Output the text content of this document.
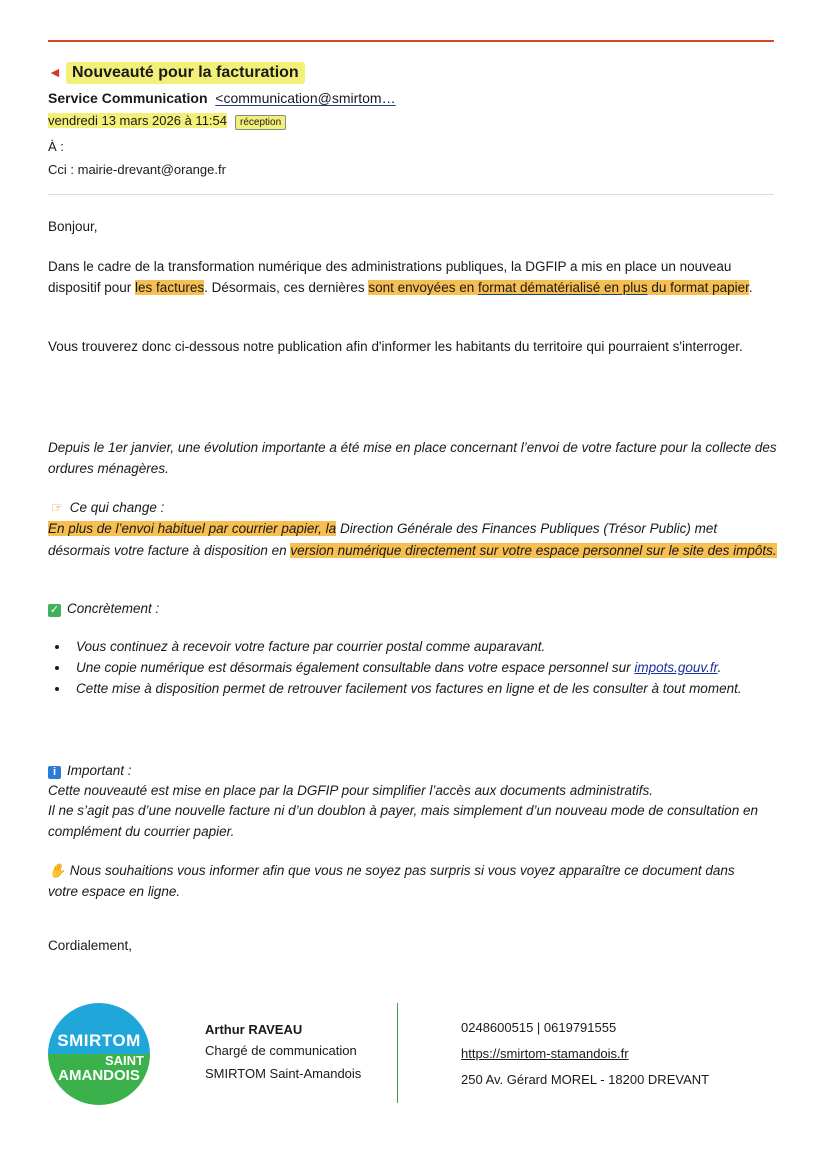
◄ Nouveauté pour la facturation
Service Communication <communication@smirtom…
vendredi 13 mars 2026 à 11:54 réception
À :
Cci : mairie-drevant@orange.fr
Bonjour,
Dans le cadre de la transformation numérique des administrations publiques, la DGFIP a mis en place un nouveau dispositif pour les factures. Désormais, ces dernières sont envoyées en format dématérialisé en plus du format papier.
Vous trouverez donc ci-dessous notre publication afin d'informer les habitants du territoire qui pourraient s'interroger.
Depuis le 1er janvier, une évolution importante a été mise en place concernant l’envoi de votre facture pour la collecte des ordures ménagères.
☞ Ce qui change :
En plus de l’envoi habituel par courrier papier, la Direction Générale des Finances Publiques (Trésor Public) met désormais votre facture à disposition en version numérique directement sur votre espace personnel sur le site des impôts.
✓ Concrètement :
• Vous continuez à recevoir votre facture par courrier postal comme auparavant.
• Une copie numérique est désormais également consultable dans votre espace personnel sur impots.gouv.fr.
• Cette mise à disposition permet de retrouver facilement vos factures en ligne et de les consulter à tout moment.
i Important :
Cette nouveauté est mise en place par la DGFIP pour simplifier l’accès aux documents administratifs.
Il ne s’agit pas d’une nouvelle facture ni d’un doublon à payer, mais simplement d’un nouveau mode de consultation en complément du courrier papier.
✋ Nous souhaitions vous informer afin que vous ne soyez pas surpris si vous voyez apparaître ce document dans votre espace en ligne.
Cordialement,
SMIRTOM
SAINT
AMANDOIS
Arthur RAVEAU
Chargé de communication
SMIRTOM Saint-Amandois
0248600515 | 0619791555
https://smirtom-stamandois.fr
250 Av. Gérard MOREL - 18200 DREVANT
